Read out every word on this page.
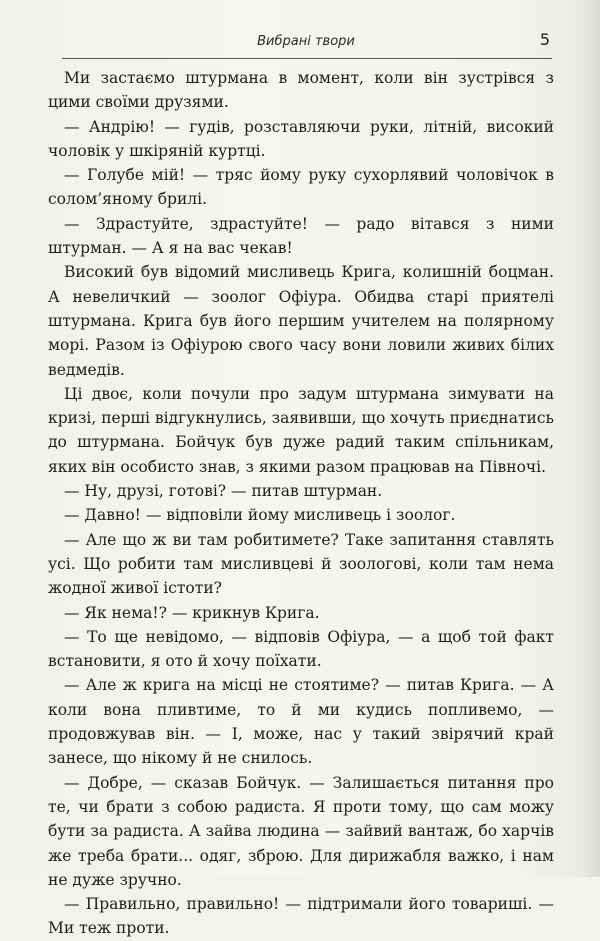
Вибрані твори	5

Ми застаємо штурмана в момент, коли він зустрівся з цими своїми друзями.

— Андрію! — гудів, розставляючи руки, літній, високий чоловік у шкіряній куртці.

— Голубе мій! — тряс йому руку сухорлявий чоловічок в солом’яному брилі.

— Здрастуйте, здрастуйте! — радо вітався з ними штурман. — А я на вас чекав!

Високий був відомий мисливець Крига, колишній боцман. А невеличкий — зоолог Офіура. Обидва старі приятелі штурмана. Крига був його першим учителем на полярному морі. Разом із Офіурою свого часу вони ловили живих білих ведмедів.

Ці двоє, коли почули про задум штурмана зимувати на кризі, перші відгукнулись, заявивши, що хочуть приєднатись до штурмана. Бойчук був дуже радий таким спільникам, яких він особисто знав, з якими разом працював на Півночі.

— Ну, друзі, готові? — питав штурман.

— Давно! — відповіли йому мисливець і зоолог.

— Але що ж ви там робитимете? Таке запитання ставлять усі. Що робити там мисливцеві й зоологові, коли там нема жодної живої істоти?

— Як нема!? — крикнув Крига.

— То ще невідомо, — відповів Офіура, — а щоб той факт встановити, я ото й хочу поїхати.

— Але ж крига на місці не стоятиме? — питав Крига. — А коли вона пливтиме, то й ми кудись попливемо, — продовжував він. — І, може, нас у такий звірячий край занесе, що нікому й не снилось.

— Добре, — сказав Бойчук. — Залишається питання про те, чи брати з собою радиста. Я проти тому, що сам можу бути за радиста. А зайва людина — зайвий вантаж, бо харчів же треба брати... одяг, зброю. Для дирижабля важко, і нам не дуже зручно.

— Правильно, правильно! — підтримали його товариші. — Ми теж проти.
